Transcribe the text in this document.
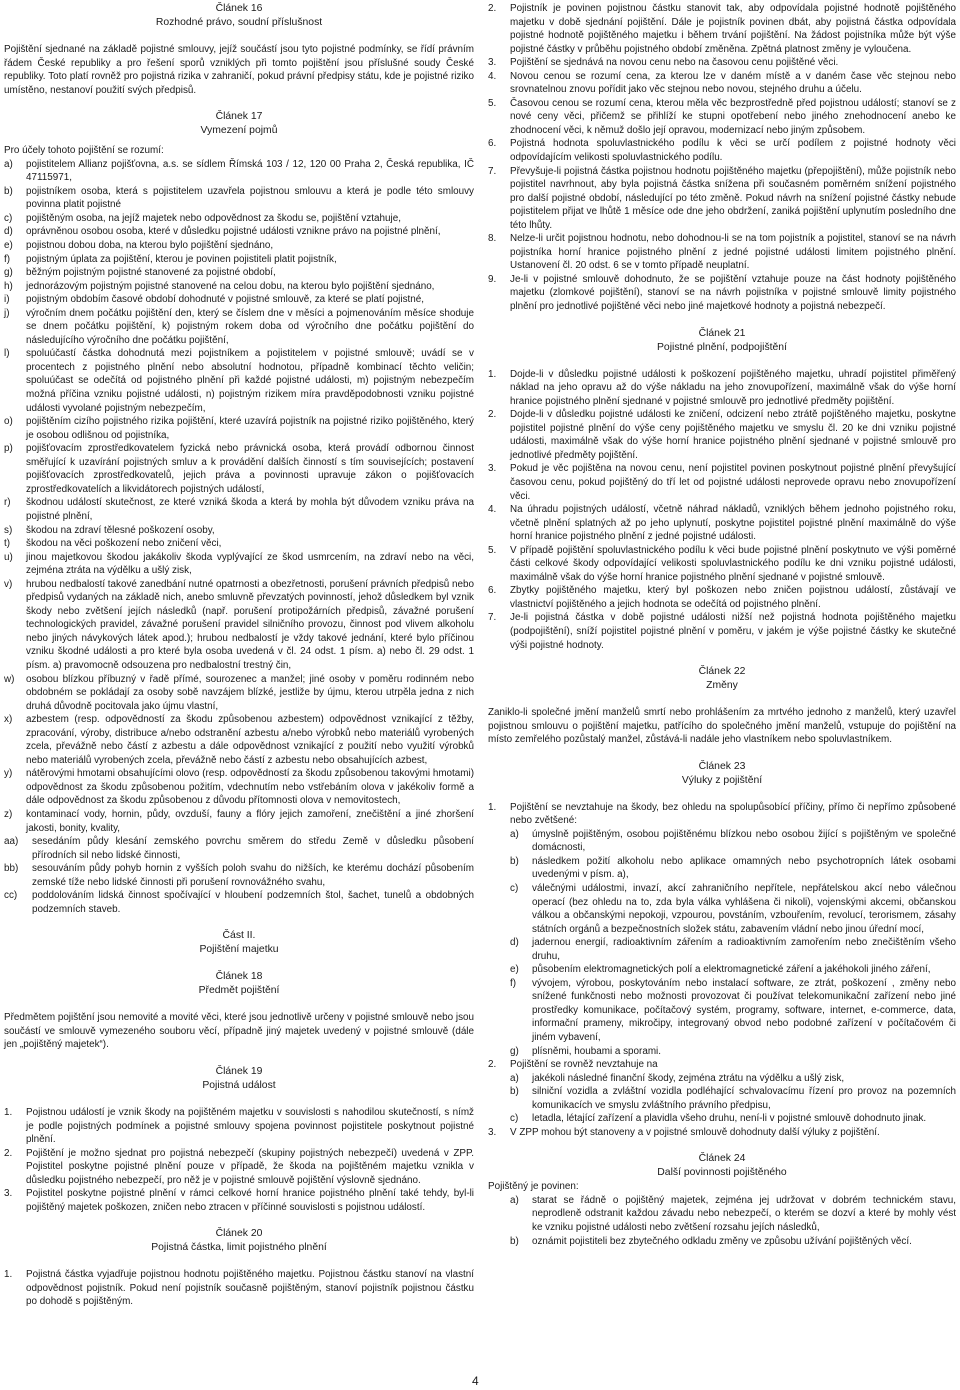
Článek 16
Rozhodné právo, soudní příslušnost

Pojištění sjednané na základě pojistné smlouvy, jejíž součástí jsou tyto pojistné podmínky, se řídí právním řádem České republiky a pro řešení sporů vzniklých při tomto pojištění jsou příslušné soudy České republiky. Toto platí rovněž pro pojistná rizika v zahraničí, pokud právní předpisy státu, kde je pojistné riziko umístěno, nestanoví použití svých předpisů.

Článek 17
Vymezení pojmů

Pro účely tohoto pojištění se rozumí:

a)	pojistitelem Allianz pojišťovna, a.s. se sídlem Římská 103 / 12, 120 00 Praha 2, Česká republika, IČ 47115971,
b)	pojistníkem osoba, která s pojistitelem uzavřela pojistnou smlouvu a která je podle této smlouvy povinna platit pojistné
c)	pojištěným osoba, na jejíž majetek nebo odpovědnost za škodu se, pojištění vztahuje,
d)	oprávněnou osobou osoba, které v důsledku pojistné události vznikne právo na pojistné plnění,
e)	pojistnou dobou doba, na kterou bylo pojištění sjednáno,
f)	pojistným úplata za pojištění, kterou je povinen pojistiteli platit pojistník,
g)	běžným pojistným pojistné stanovené za pojistné období,
h)	jednorázovým pojistným pojistné stanovené na celou dobu, na kterou bylo pojištění sjednáno,
i)	pojistným obdobím časové období dohodnuté v pojistné smlouvě, za které se platí pojistné,
j)	výročním dnem počátku pojištění den, který se číslem dne v měsíci a pojmenováním měsíce shoduje se dnem počátku pojištění, k) pojistným rokem doba od výročního dne počátku pojištění do následujícího výročního dne počátku pojištění,
l)	spoluúčastí částka dohodnutá mezi pojistníkem a pojistitelem v pojistné smlouvě; uvádí se v procentech z pojistného plnění nebo absolutní hodnotou, případně kombinací těchto veličin; spoluúčast se odečítá od pojistného plnění při každé pojistné události, m) pojistným nebezpečím možná příčina vzniku pojistné události, n) pojistným rizikem míra pravděpodobnosti vzniku pojistné události vyvolané pojistným nebezpečím,
o)	pojištěním cizího pojistného rizika pojištění, které uzavírá pojistník na pojistné riziko pojištěného, který je osobou odlišnou od pojistníka,
p)	pojišťovacím zprostředkovatelem fyzická nebo právnická osoba, která provádí odbornou činnost směřující k uzavírání pojistných smluv a k provádění dalších činností s tím souvisejících; postavení pojišťovacích zprostředkovatelů, jejich práva a povinnosti upravuje zákon o pojišťovacích zprostředkovatelích a likvidátorech pojistných událostí,
r)	škodnou událostí skutečnost, ze které vzniká škoda a která by mohla být důvodem vzniku práva na pojistné plnění,
s)	škodou na zdraví tělesné poškození osoby,
t)	škodou na věci poškození nebo zničení věci,
u)	jinou majetkovou škodou jakákoliv škoda vyplývající ze škod usmrcením, na zdraví nebo na věci, zejména ztráta na výdělku a ušlý zisk,
v)	hrubou nedbalostí takové zanedbání nutné opatrnosti a obezřetnosti, porušení právních předpisů nebo předpisů vydaných na základě nich, anebo smluvně převzatých povinností, jehož důsledkem byl vznik škody nebo zvětšení jejích následků (např. porušení protipožárních předpisů, závažné porušení technologických pravidel, závažné porušení pravidel silničního provozu, činnost pod vlivem alkoholu nebo jiných návykových látek apod.); hrubou nedbalostí je vždy takové jednání, které bylo příčinou vzniku škodné události a pro které byla osoba uvedená v čl. 24 odst. 1 písm. a) nebo čl. 29 odst. 1 písm. a) pravomocně odsouzena pro nedbalostní trestný čin,
w)	osobou blízkou příbuzný v řadě přímé, sourozenec a manžel; jiné osoby v poměru rodinném nebo obdobném se pokládají za osoby sobě navzájem blízké, jestliže by újmu, kterou utrpěla jedna z nich druhá důvodně pocitovala jako újmu vlastní,
x)	azbestem (resp. odpovědností za škodu způsobenou azbestem) odpovědnost vznikající z těžby, zpracování, výroby, distribuce a/nebo odstranění azbestu a/nebo výrobků nebo materiálů vyrobených zcela, převážně nebo částí z azbestu a dále odpovědnost vznikající z použití nebo využití výrobků nebo materiálů vyrobených zcela, převážně nebo částí z azbestu nebo obsahujících azbest,
y)	nátěrovými hmotami obsahujícími olovo (resp. odpovědností za škodu způsobenou takovými hmotami) odpovědnost za škodu způsobenou požitím, vdechnutím nebo vstřebáním olova v jakékoliv formě a dále odpovědnost za škodu způsobenou z důvodu přítomnosti olova v nemovitostech,
z)	kontaminací vody, hornin, půdy, ovzduší, fauny a flóry jejich zamoření, znečištění a jiné zhoršení jakosti, bonity, kvality,
aa)	sesedáním půdy klesání zemského povrchu směrem do středu Země v důsledku působení přírodních sil nebo lidské činnosti,
bb)	sesouváním půdy pohyb hornin z vyšších poloh svahu do nižších, ke kterému dochází působením zemské tíže nebo lidské činnosti při porušení rovnovážného svahu,
cc)	poddolováním lidská činnost spočívající v hloubení podzemních štol, šachet, tunelů a obdobných podzemních staveb.
Část II.
Pojištění majetku
Článek 18
Předmět pojištění

Předmětem pojištění jsou nemovité a movité věci, které jsou jednotlivě určeny v pojistné smlouvě nebo jsou součástí ve smlouvě vymezeného souboru věcí, případně jiný majetek uvedený v pojistné smlouvě (dále jen „pojištěný majetek“).

Článek 19
Pojistná událost
1.	Pojistnou událostí je vznik škody na pojištěném majetku v souvislosti s nahodilou skutečností, s nímž je podle pojistných podmínek a pojistné smlouvy spojena povinnost pojistitele poskytnout pojistné plnění.
2.	Pojištění je možno sjednat pro pojistná nebezpečí (skupiny pojistných nebezpečí) uvedená v ZPP. Pojistitel poskytne pojistné plnění pouze v případě, že škoda na pojištěném majetku vznikla v důsledku pojistného nebezpečí, pro něž je v pojistné smlouvě pojištění výslovně sjednáno.
3.	Pojistitel poskytne pojistné plnění v rámci celkové horní hranice pojistného plnění také tehdy, byl-li pojištěný majetek poškozen, zničen nebo ztracen v příčinné souvislosti s pojistnou událostí.
Článek 20
Pojistná částka, limit pojistného plnění
1.	Pojistná částka vyjadřuje pojistnou hodnotu pojištěného majetku. Pojistnou částku stanoví na vlastní odpovědnost pojistník. Pokud není pojistník současně pojištěným, stanoví pojistník pojistnou částku po dohodě s pojištěným.
2.	Pojistník je povinen pojistnou částku stanovit tak, aby odpovídala pojistné hodnotě pojištěného majetku v době sjednání pojištění. Dále je pojistník povinen dbát, aby pojistná částka odpovídala pojistné hodnotě pojištěného majetku i během trvání pojištění. Na žádost pojistníka může být výše pojistné částky v průběhu pojistného období změněna. Zpětná platnost změny je vyloučena.
3.	Pojištění se sjednává na novou cenu nebo na časovou cenu pojištěné věci.
4.	Novou cenou se rozumí cena, za kterou lze v daném místě a v daném čase věc stejnou nebo srovnatelnou znovu pořídit jako věc stejnou nebo novou, stejného druhu a účelu.
5.	Časovou cenou se rozumí cena, kterou měla věc bezprostředně před pojistnou událostí; stanoví se z nové ceny věci, přičemž se přihlíží ke stupni opotřebení nebo jiného znehodnocení anebo ke zhodnocení věci, k němuž došlo její opravou, modernizací nebo jiným způsobem.
6.	Pojistná hodnota spoluvlastnického podílu k věci se určí podílem z pojistné hodnoty věci odpovídajícím velikosti spoluvlastnického podílu.
7.	Převyšuje-li pojistná částka pojistnou hodnotu pojištěného majetku (přepojištění), může pojistník nebo pojistitel navrhnout, aby byla pojistná částka snížena při současném poměrném snížení pojistného pro další pojistné období, následující po této změně. Pokud návrh na snížení pojistné částky nebude pojistitelem přijat ve lhůtě 1 měsíce ode dne jeho obdržení, zaniká pojištění uplynutím posledního dne této lhůty.
8.	Nelze-li určit pojistnou hodnotu, nebo dohodnou-li se na tom pojistník a pojistitel, stanoví se na návrh pojistníka horní hranice pojistného plnění z jedné pojistné události limitem pojistného plnění. Ustanovení čl. 20 odst. 6 se v tomto případě neuplatní.
9.	Je-li v pojistné smlouvě dohodnuto, že se pojištění vztahuje pouze na část hodnoty pojištěného majetku (zlomkové pojištění), stanoví se na návrh pojistníka v pojistné smlouvě limity pojistného plnění pro jednotlivé pojištěné věci nebo jiné majetkové hodnoty a pojistná nebezpečí.
Článek 21
Pojistné plnění, podpojištění
1.	Dojde-li v důsledku pojistné události k poškození pojištěného majetku, uhradí pojistitel přiměřený náklad na jeho opravu až do výše nákladu na jeho znovupořízení, maximálně však do výše horní hranice pojistného plnění sjednané v pojistné smlouvě pro jednotlivé předměty pojištění.
2.	Dojde-li v důsledku pojistné události ke zničení, odcizení nebo ztrátě pojištěného majetku, poskytne pojistitel pojistné plnění do výše ceny pojištěného majetku ve smyslu čl. 20 ke dni vzniku pojistné události, maximálně však do výše horní hranice pojistného plnění sjednané v pojistné smlouvě pro jednotlivé předměty pojištění.
3.	Pokud je věc pojištěna na novou cenu, není pojistitel povinen poskytnout pojistné plnění převyšující časovou cenu, pokud pojištěný do tří let od pojistné události neprovede opravu nebo znovupořízení věci.
4.	Na úhradu pojistných událostí, včetně náhrad nákladů, vzniklých během jednoho pojistného roku, včetně plnění splatných až po jeho uplynutí, poskytne pojistitel pojistné plnění maximálně do výše horní hranice pojistného plnění z jedné pojistné události.
5.	V případě pojištění spoluvlastnického podílu k věci bude pojistné plnění poskytnuto ve výši poměrné části celkové škody odpovídající velikosti spoluvlastnického podílu ke dni vzniku pojistné události, maximálně však do výše horní hranice pojistného plnění sjednané v pojistné smlouvě.
6.	Zbytky pojištěného majetku, který byl poškozen nebo zničen pojistnou událostí, zůstávají ve vlastnictví pojištěného a jejich hodnota se odečítá od pojistného plnění.
7.	Je-li pojistná částka v době pojistné události nižší než pojistná hodnota pojištěného majetku (podpojištění), sníží pojistitel pojistné plnění v poměru, v jakém je výše pojistné částky ke skutečné výši pojistné hodnoty.
Článek 22
Změny

Zaniklo-li společné jmění manželů smrtí nebo prohlášením za mrtvého jednoho z manželů, který uzavřel pojistnou smlouvu o pojištění majetku, patřícího do společného jmění manželů, vstupuje do pojištění na místo zemřelého pozůstalý manžel, zůstává-li nadále jeho vlastníkem nebo spoluvlastníkem.

Článek 23
Výluky z pojištění
1.	Pojištění se nevztahuje na škody, bez ohledu na spolupůsobící příčiny, přímo či nepřímo způsobené nebo zvětšené:
a)	úmyslně pojištěným, osobou pojištěnému blízkou nebo osobou žijící s pojištěným ve společné domácnosti,
b)	následkem požití alkoholu nebo aplikace omamných nebo psychotropních látek osobami uvedenými v písm. a),
c)	válečnými událostmi, invazí, akcí zahraničního nepřítele, nepřátelskou akcí nebo válečnou operací (bez ohledu na to, zda byla válka vyhlášena či nikoli), vojenskými akcemi, občanskou válkou a občanskými nepokoji, vzpourou, povstáním, vzbouřením, revolucí, terorismem, zásahy státních orgánů a bezpečnostních složek státu, zabavením vládní nebo jinou úřední mocí,
d)	jadernou energií, radioaktivním zářením a radioaktivním zamořením nebo znečištěním všeho druhu,
e)	působením elektromagnetických polí a elektromagnetické záření a jakéhokoli jiného záření,
f)	vývojem, výrobou, poskytováním nebo instalací software, ze ztrát, poškození , změny nebo snížené funkčnosti nebo možnosti provozovat či používat telekomunikační zařízení nebo jiné prostředky komunikace, počítačový systém, programy, software, internet, e-commerce, data, informační prameny, mikročipy, integrovaný obvod nebo podobné zařízení v počítačovém či jiném vybavení,
g)	plísněmi, houbami a sporami.
2.	Pojištění se rovněž nevztahuje na
a)	jakékoli následné finanční škody, zejména ztrátu na výdělku a ušlý zisk,
b)	silniční vozidla a zvláštní vozidla podléhající schvalovacímu řízení pro provoz na pozemních komunikacích ve smyslu zvláštního právního předpisu,
c)	letadla, létající zařízení a plavidla všeho druhu, není-li v pojistné smlouvě dohodnuto jinak.
3.	V ZPP mohou být stanoveny a v pojistné smlouvě dohodnuty další výluky z pojištění.
Článek 24
Další povinnosti pojištěného

Pojištěný je povinen:

a)	starat se řádně o pojištěný majetek, zejména jej udržovat v dobrém technickém stavu, neprodleně odstranit každou závadu nebo nebezpečí, o kterém se dozví a které by mohly vést ke vzniku pojistné události nebo zvětšení rozsahu jejích následků,
b)	oznámit pojistiteli bez zbytečného odkladu změny ve způsobu užívání pojištěných věcí.
4
